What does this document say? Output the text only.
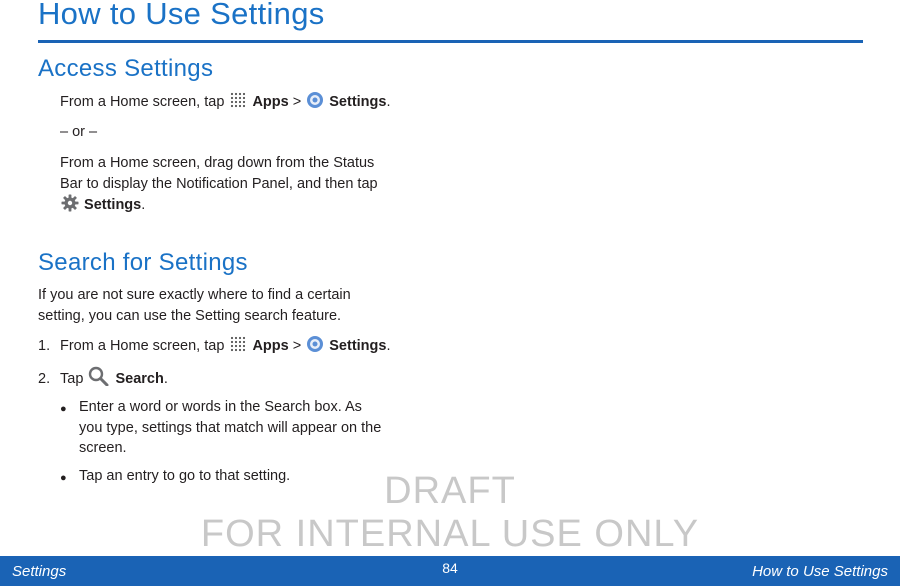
How to Use Settings
Access Settings
From a Home screen, tap  Apps >  Settings.
– or –
From a Home screen, drag down from the Status
Bar to display the Notification Panel, and then tap
Settings.
Search for Settings
If you are not sure exactly where to find a certain
setting, you can use the Setting search feature.
1. From a Home screen, tap  Apps >  Settings.
2. Tap  Search.
● Enter a word or words in the Search box. As
you type, settings that match will appear on the
screen.
● Tap an entry to go to that setting.	DRAFT
FOR INTERNAL USE ONLY
Settings	84	How to Use Settings
